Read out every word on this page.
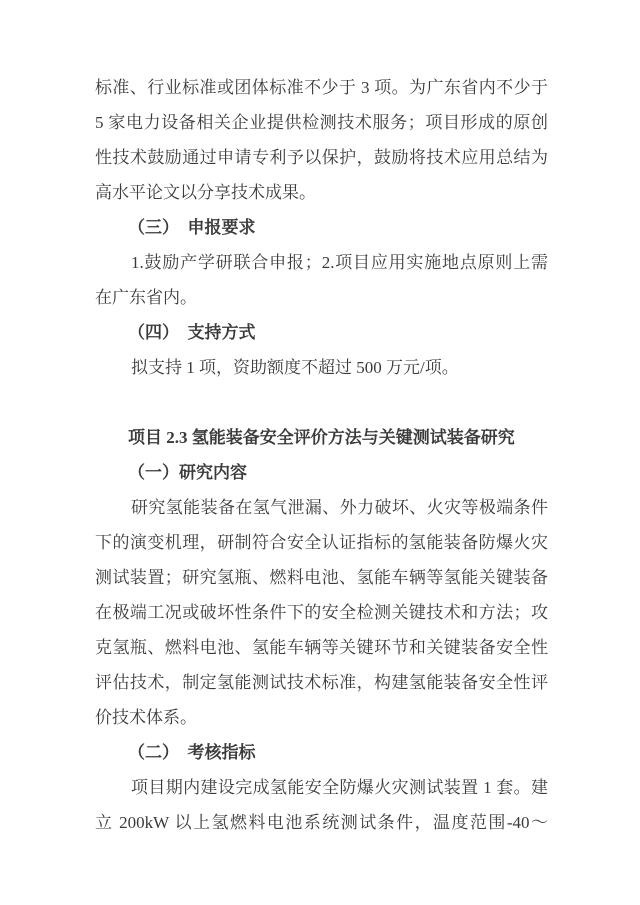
标准、行业标准或团体标准不少于 3 项。为广东省内不少于
5 家电力设备相关企业提供检测技术服务；项目形成的原创
性技术鼓励通过申请专利予以保护，鼓励将技术应用总结为
高水平论文以分享技术成果。
（三）　申报要求
1.鼓励产学研联合申报；2.项目应用实施地点原则上需
在广东省内。
（四）　支持方式
拟支持 1 项，资助额度不超过 500 万元/项。
项目 2.3 氢能装备安全评价方法与关键测试装备研究
（一）研究内容
研究氢能装备在氢气泄漏、外力破坏、火灾等极端条件
下的演变机理，研制符合安全认证指标的氢能装备防爆火灾
测试装置；研究氢瓶、燃料电池、氢能车辆等氢能关键装备
在极端工况或破坏性条件下的安全检测关键技术和方法；攻
克氢瓶、燃料电池、氢能车辆等关键环节和关键装备安全性
评估技术，制定氢能测试技术标准，构建氢能装备安全性评
价技术体系。
（二）　考核指标
项目期内建设完成氢能安全防爆火灾测试装置 1 套。建
立 200kW 以上氢燃料电池系统测试条件，温度范围-40～
